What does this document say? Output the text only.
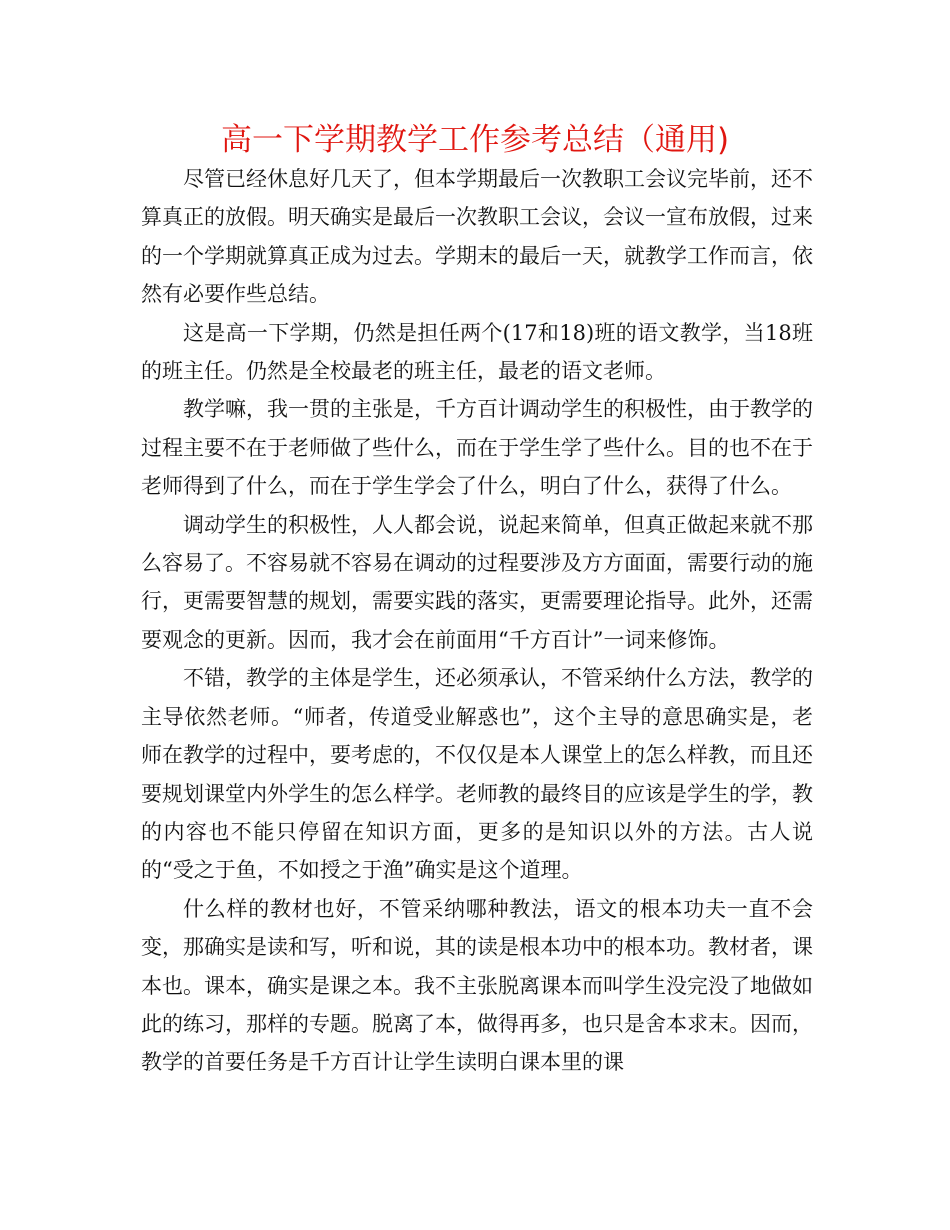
高一下学期教学工作参考总结（通用)

尽管已经休息好几天了，但本学期最后一次教职工会议完毕前，还不算真正的放假。明天确实是最后一次教职工会议，会议一宣布放假，过来的一个学期就算真正成为过去。学期末的最后一天，就教学工作而言，依然有必要作些总结。

这是高一下学期，仍然是担任两个(17和18)班的语文教学，当18班的班主任。仍然是全校最老的班主任，最老的语文老师。

教学嘛，我一贯的主张是，千方百计调动学生的积极性，由于教学的过程主要不在于老师做了些什么，而在于学生学了些什么。目的也不在于老师得到了什么，而在于学生学会了什么，明白了什么，获得了什么。

调动学生的积极性，人人都会说，说起来简单，但真正做起来就不那么容易了。不容易就不容易在调动的过程要涉及方方面面，需要行动的施行，更需要智慧的规划，需要实践的落实，更需要理论指导。此外，还需要观念的更新。因而，我才会在前面用“千方百计”一词来修饰。

不错，教学的主体是学生，还必须承认，不管采纳什么方法，教学的主导依然老师。“师者，传道受业解惑也”，这个主导的意思确实是，老师在教学的过程中，要考虑的，不仅仅是本人课堂上的怎么样教，而且还要规划课堂内外学生的怎么样学。老师教的最终目的应该是学生的学，教的内容也不能只停留在知识方面，更多的是知识以外的方法。古人说的“受之于鱼，不如授之于渔”确实是这个道理。

什么样的教材也好，不管采纳哪种教法，语文的根本功夫一直不会变，那确实是读和写，听和说，其的读是根本功中的根本功。教材者，课本也。课本，确实是课之本。我不主张脱离课本而叫学生没完没了地做如此的练习，那样的专题。脱离了本，做得再多，也只是舍本求末。因而，教学的首要任务是千方百计让学生读明白课本里的课
